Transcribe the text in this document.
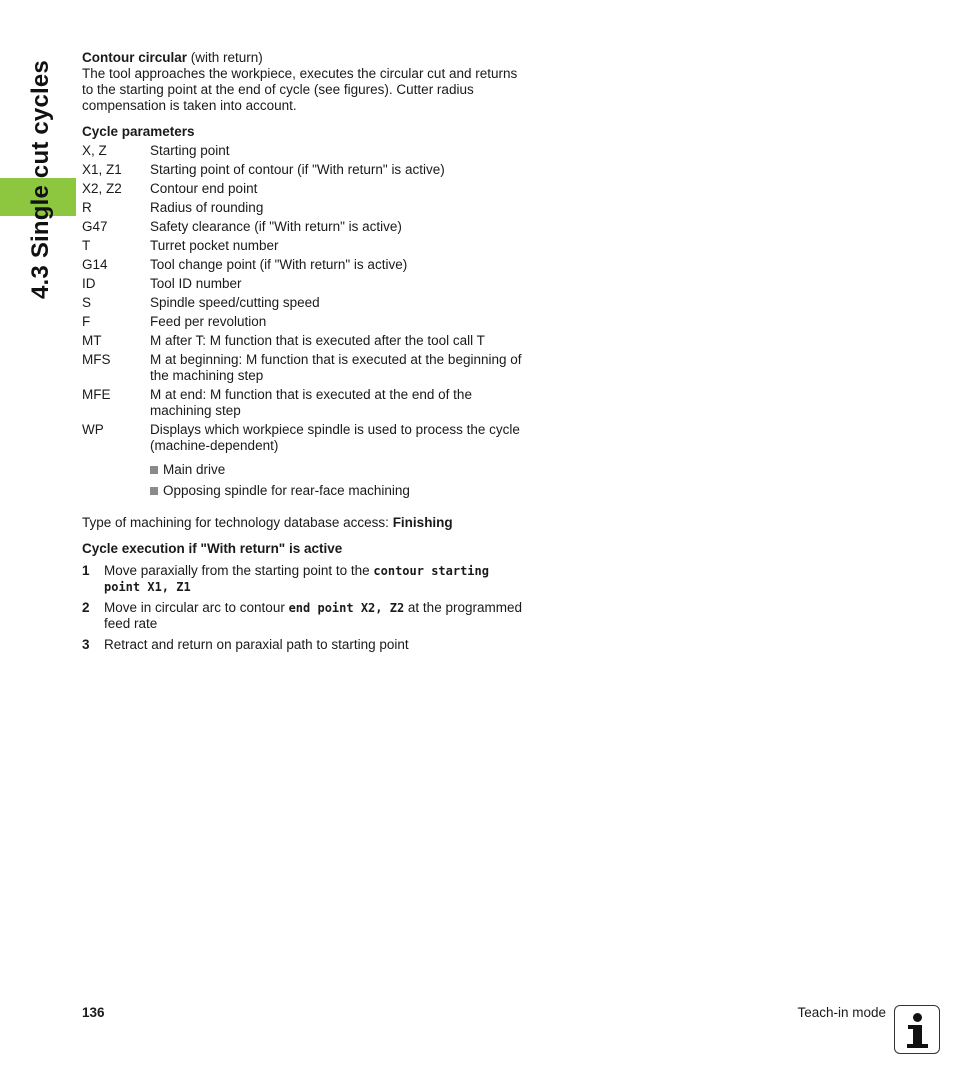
4.3 Single cut cycles

Contour circular (with return)

The tool approaches the workpiece, executes the circular cut and returns to the starting point at the end of cycle (see figures). Cutter radius compensation is taken into account.

Cycle parameters

X, Z	Starting point
X1, Z1	Starting point of contour (if "With return" is active)
X2, Z2	Contour end point
R	Radius of rounding
G47	Safety clearance (if "With return" is active)
T	Turret pocket number
G14	Tool change point (if "With return" is active)
ID	Tool ID number
S	Spindle speed/cutting speed
F	Feed per revolution
MT	M after T: M function that is executed after the tool call T
MFS	M at beginning: M function that is executed at the beginning of the machining step
MFE	M at end: M function that is executed at the end of the machining step
WP	Displays which workpiece spindle is used to process the cycle (machine-dependent)
Main drive
Opposing spindle for rear-face machining

Type of machining for technology database access: Finishing

Cycle execution if "With return" is active

1	Move paraxially from the starting point to the contour starting point X1, Z1
2	Move in circular arc to contour end point X2, Z2 at the programmed feed rate
3	Retract and return on paraxial path to starting point
136	Teach-in mode
